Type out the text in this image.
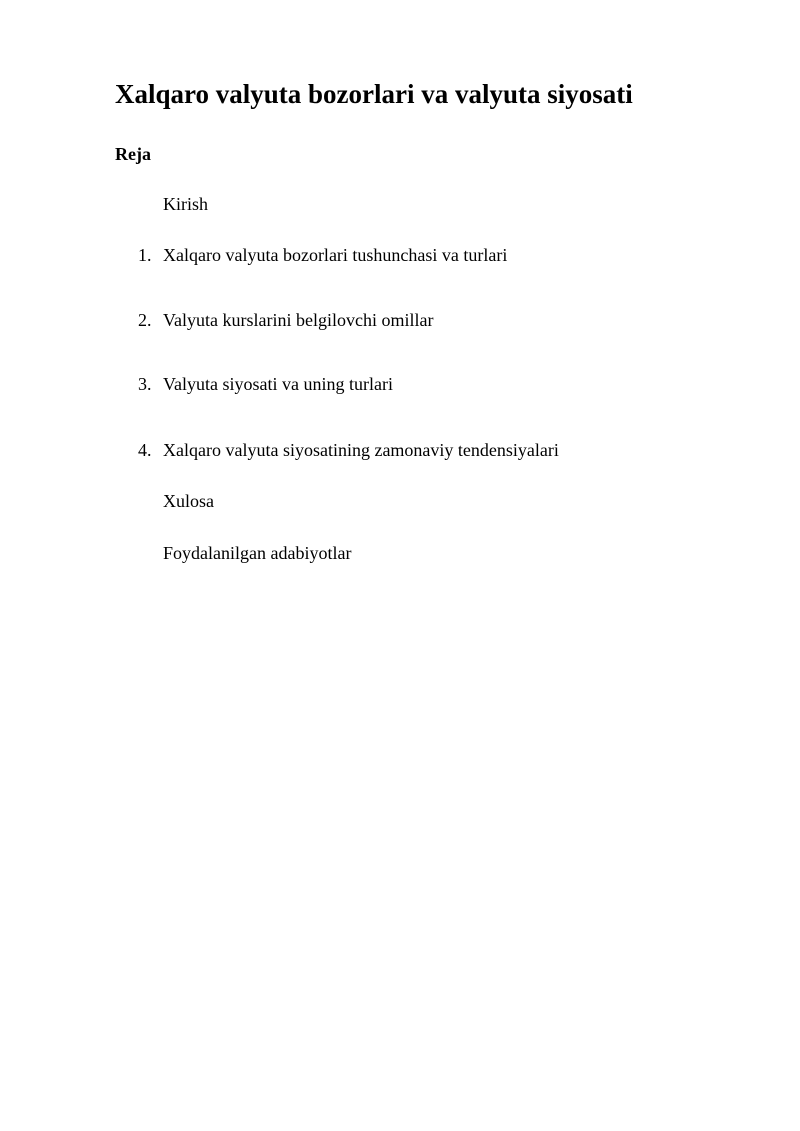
Xalqaro valyuta bozorlari va valyuta siyosati
Reja
Kirish
1. Xalqaro valyuta bozorlari tushunchasi va turlari
2. Valyuta kurslarini belgilovchi omillar
3. Valyuta siyosati va uning turlari
4. Xalqaro valyuta siyosatining zamonaviy tendensiyalari
Xulosa
Foydalanilgan adabiyotlar
